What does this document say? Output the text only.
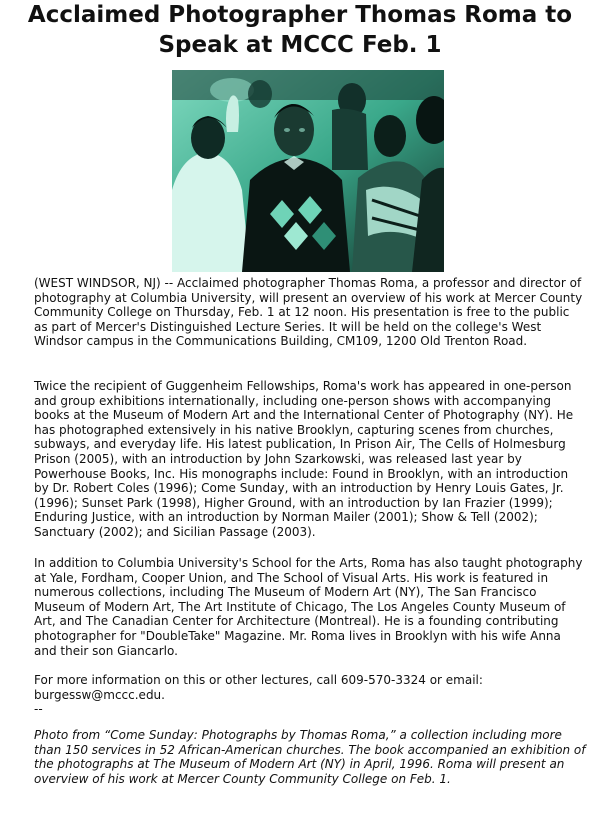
Acclaimed Photographer Thomas Roma to
Speak at MCCC Feb. 1

(WEST WINDSOR, NJ) -- Acclaimed photographer Thomas Roma, a professor and director of photography at Columbia University, will present an overview of his work at Mercer County Community College on Thursday, Feb. 1 at 12 noon. His presentation is free to the public as part of Mercer's Distinguished Lecture Series. It will be held on the college's West Windsor campus in the Communications Building, CM109, 1200 Old Trenton Road.

Twice the recipient of Guggenheim Fellowships, Roma's work has appeared in one-person and group exhibitions internationally, including one-person shows with accompanying books at the Museum of Modern Art and the International Center of Photography (NY). He has photographed extensively in his native Brooklyn, capturing scenes from churches, subways, and everyday life. His latest publication, In Prison Air, The Cells of Holmesburg Prison (2005), with an introduction by John Szarkowski, was released last year by Powerhouse Books, Inc. His monographs include: Found in Brooklyn, with an introduction by Dr. Robert Coles (1996); Come Sunday, with an introduction by Henry Louis Gates, Jr. (1996); Sunset Park (1998), Higher Ground, with an introduction by Ian Frazier (1999); Enduring Justice, with an introduction by Norman Mailer (2001); Show & Tell (2002); Sanctuary (2002); and Sicilian Passage (2003).

In addition to Columbia University's School for the Arts, Roma has also taught photography at Yale, Fordham, Cooper Union, and The School of Visual Arts. His work is featured in numerous collections, including The Museum of Modern Art (NY), The San Francisco Museum of Modern Art, The Art Institute of Chicago, The Los Angeles County Museum of Art, and The Canadian Center for Architecture (Montreal). He is a founding contributing photographer for "DoubleTake" Magazine. Mr. Roma lives in Brooklyn with his wife Anna and their son Giancarlo.

For more information on this or other lectures, call 609-570-3324 or email:
burgessw@mccc.edu.
--

Photo from “Come Sunday: Photographs by Thomas Roma,” a collection including more than 150 services in 52 African-American churches. The book accompanied an exhibition of the photographs at The Museum of Modern Art (NY) in April, 1996. Roma will present an overview of his work at Mercer County Community College on Feb. 1.
